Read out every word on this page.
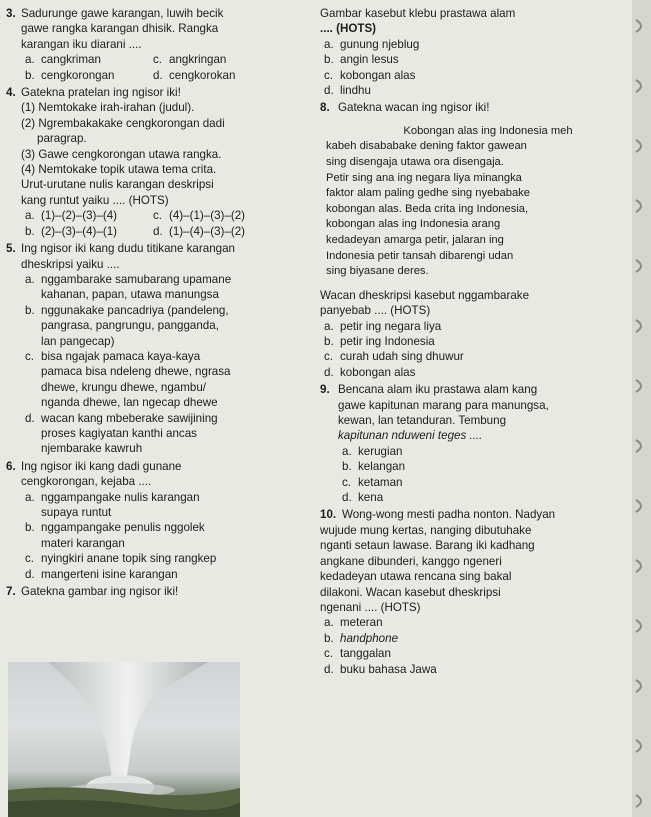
3. Sadurunge gawe karangan, luwih becik
gawe rangka karangan dhisik. Rangka
karangan iku diarani ....
a. cangkriman	c. angkringan
b. cengkorongan	d. cengkorokan
4. Gatekna pratelan ing ngisor iki!
(1) Nemtokake irah-irahan (judul).
(2) Ngrembakakake cengkorongan dadi
paragrap.
(3) Gawe cengkorongan utawa rangka.
(4) Nemtokake topik utawa tema crita.
Urut-urutane nulis karangan deskripsi
kang runtut yaiku .... (HOTS)
a. (1)–(2)–(3)–(4)	c. (4)–(1)–(3)–(2)
b. (2)–(3)–(4)–(1)	d. (1)–(4)–(3)–(2)
5. Ing ngisor iki kang dudu titikane karangan
dheskripsi yaiku ....
a. nggambarake samubarang upamane
kahanan, papan, utawa manungsa
b. nggunakake pancadriya (pandeleng,
pangrasa, pangrungu, pangganda,
lan pangecap)
c. bisa ngajak pamaca kaya-kaya
pamaca bisa ndeleng dhewe, ngrasa
dhewe, krungu dhewe, ngambu/
nganda dhewe, lan ngecap dhewe
d. wacan kang mbeberake sawijining
proses kagiyatan kanthi ancas
njembarake kawruh
6. Ing ngisor iki kang dadi gunane
cengkorongan, kejaba ....
a. nggampangake nulis karangan
supaya runtut
b. nggampangake penulis nggolek
materi karangan
c. nyingkiri anane topik sing rangkep
d. mangerteni isine karangan
7. Gatekna gambar ing ngisor iki!
Gambar kasebut klebu prastawa alam
.... (HOTS)
a. gunung njeblug
b. angin lesus
c. kobongan alas
d. lindhu
8. Gatekna wacan ing ngisor iki!
Kobongan alas ing Indonesia meh
kabeh disababake dening faktor gawean
sing disengaja utawa ora disengaja.
Petir sing ana ing negara liya minangka
faktor alam paling gedhe sing nyebabake
kobongan alas. Beda crita ing Indonesia,
kobongan alas ing Indonesia arang
kedadeyan amarga petir, jalaran ing
Indonesia petir tansah dibarengi udan
sing biyasane deres.
Wacan dheskripsi kasebut nggambarake
panyebab .... (HOTS)
a. petir ing negara liya
b. petir ing Indonesia
c. curah udah sing dhuwur
d. kobongan alas
9. Bencana alam iku prastawa alam kang
gawe kapitunan marang para manungsa,
kewan, lan tetanduran. Tembung
kapitunan nduweni teges ....
a. kerugian
b. kelangan
c. ketaman
d. kena
10. Wong-wong mesti padha nonton. Nadyan
wujude mung kertas, nanging dibutuhake
nganti setaun lawase. Barang iki kadhang
angkane dibunderi, kanggo ngeneri
kedadeyan utawa rencana sing bakal
dilakoni. Wacan kasebut dheskripsi
ngenani .... (HOTS)
a. meteran
b. handphone
c. tanggalan
d. buku bahasa Jawa
